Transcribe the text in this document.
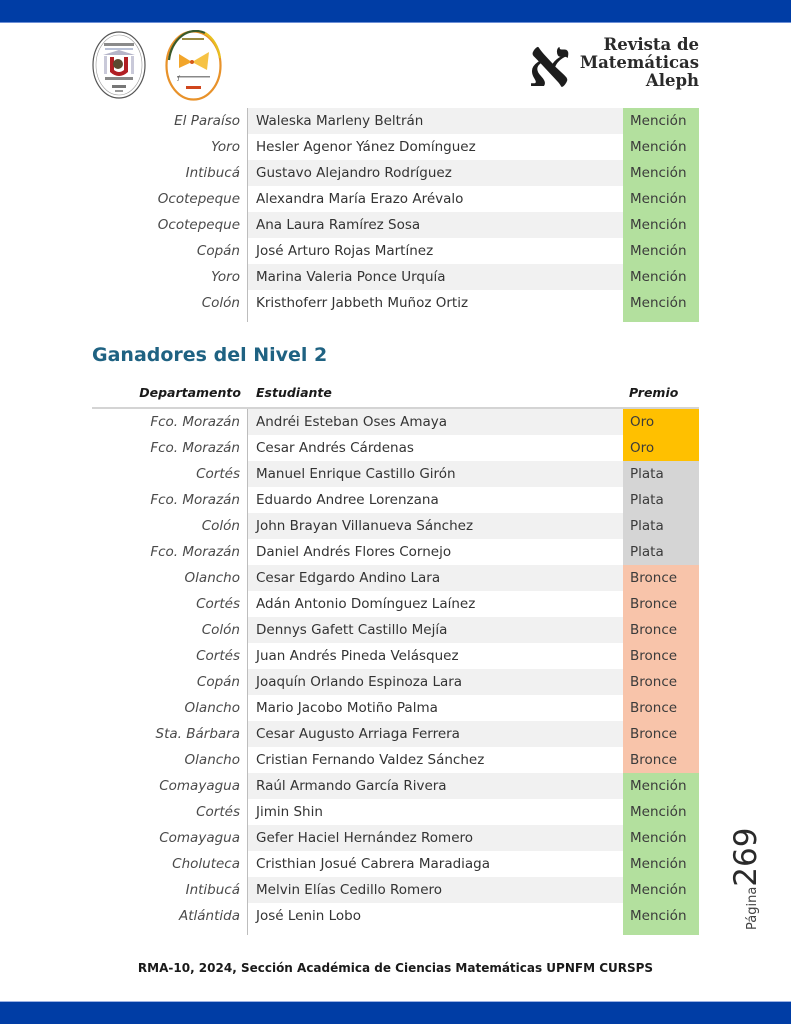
∫	א	Revista de
Matemáticas
Aleph
El Paraíso	Waleska Marleny Beltrán	Mención
Yoro	Hesler Agenor Yánez Domínguez	Mención
Intibucá	Gustavo Alejandro Rodríguez	Mención
Ocotepeque	Alexandra María Erazo Arévalo	Mención
Ocotepeque	Ana Laura Ramírez Sosa	Mención
Copán	José Arturo Rojas Martínez	Mención
Yoro	Marina Valeria Ponce Urquía	Mención
Colón	Kristhoferr Jabbeth Muñoz Ortiz	Mención
Ganadores del Nivel 2
Departamento	Estudiante	Premio
Fco. Morazán	Andréi Esteban Oses Amaya	Oro
Fco. Morazán	Cesar Andrés Cárdenas	Oro
Cortés	Manuel Enrique Castillo Girón	Plata
Fco. Morazán	Eduardo Andree Lorenzana	Plata
Colón	John Brayan Villanueva Sánchez	Plata
Fco. Morazán	Daniel Andrés Flores Cornejo	Plata
Olancho	Cesar Edgardo Andino Lara	Bronce
Cortés	Adán Antonio Domínguez Laínez	Bronce
Colón	Dennys Gafett Castillo Mejía	Bronce
Cortés	Juan Andrés Pineda Velásquez	Bronce
Copán	Joaquín Orlando Espinoza Lara	Bronce
Olancho	Mario Jacobo Motiño Palma	Bronce
Sta. Bárbara	Cesar Augusto Arriaga Ferrera	Bronce
Olancho	Cristian Fernando Valdez Sánchez	Bronce
Comayagua	Raúl Armando García Rivera	Mención
Cortés	Jimin Shin	Mención
Comayagua	Gefer Haciel Hernández Romero	Mención
Choluteca	Cristhian Josué Cabrera Maradiaga	Mención
Intibucá	Melvin Elías Cedillo Romero	Mención
Atlántida	José Lenin Lobo	Mención	Página269
RMA-10, 2024, Sección Académica de Ciencias Matemáticas UPNFM CURSPS
